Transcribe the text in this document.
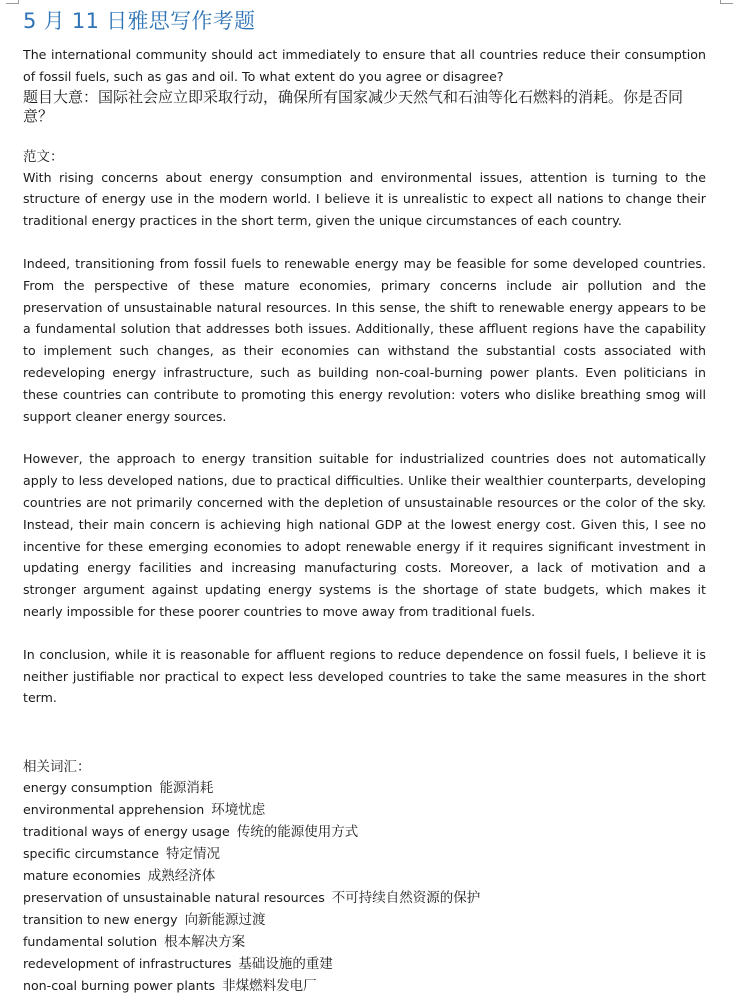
5 月 11 日雅思写作考题

The international community should act immediately to ensure that all countries reduce their consumption of fossil fuels, such as gas and oil. To what extent do you agree or disagree?

题目大意：国际社会应立即采取行动，确保所有国家减少天然气和石油等化石燃料的消耗。你是否同意？

范文：

With rising concerns about energy consumption and environmental issues, attention is turning to the structure of energy use in the modern world. I believe it is unrealistic to expect all nations to change their traditional energy practices in the short term, given the unique circumstances of each country.

Indeed, transitioning from fossil fuels to renewable energy may be feasible for some developed countries. From the perspective of these mature economies, primary concerns include air pollution and the preservation of unsustainable natural resources. In this sense, the shift to renewable energy appears to be a fundamental solution that addresses both issues. Additionally, these affluent regions have the capability to implement such changes, as their economies can withstand the substantial costs associated with redeveloping energy infrastructure, such as building non-coal-burning power plants. Even politicians in these countries can contribute to promoting this energy revolution: voters who dislike breathing smog will support cleaner energy sources.

However, the approach to energy transition suitable for industrialized countries does not automatically apply to less developed nations, due to practical difficulties. Unlike their wealthier counterparts, developing countries are not primarily concerned with the depletion of unsustainable resources or the color of the sky. Instead, their main concern is achieving high national GDP at the lowest energy cost. Given this, I see no incentive for these emerging economies to adopt renewable energy if it requires significant investment in updating energy facilities and increasing manufacturing costs. Moreover, a lack of motivation and a stronger argument against updating energy systems is the shortage of state budgets, which makes it nearly impossible for these poorer countries to move away from traditional fuels.

In conclusion, while it is reasonable for affluent regions to reduce dependence on fossil fuels, I believe it is neither justifiable nor practical to expect less developed countries to take the same measures in the short term.

相关词汇：

energy consumption 能源消耗
environmental apprehension 环境忧虑
traditional ways of energy usage 传统的能源使用方式
specific circumstance 特定情况
mature economies 成熟经济体
preservation of unsustainable natural resources 不可持续自然资源的保护
transition to new energy 向新能源过渡
fundamental solution 根本解决方案
redevelopment of infrastructures 基础设施的重建
non-coal burning power plants 非煤燃料发电厂
